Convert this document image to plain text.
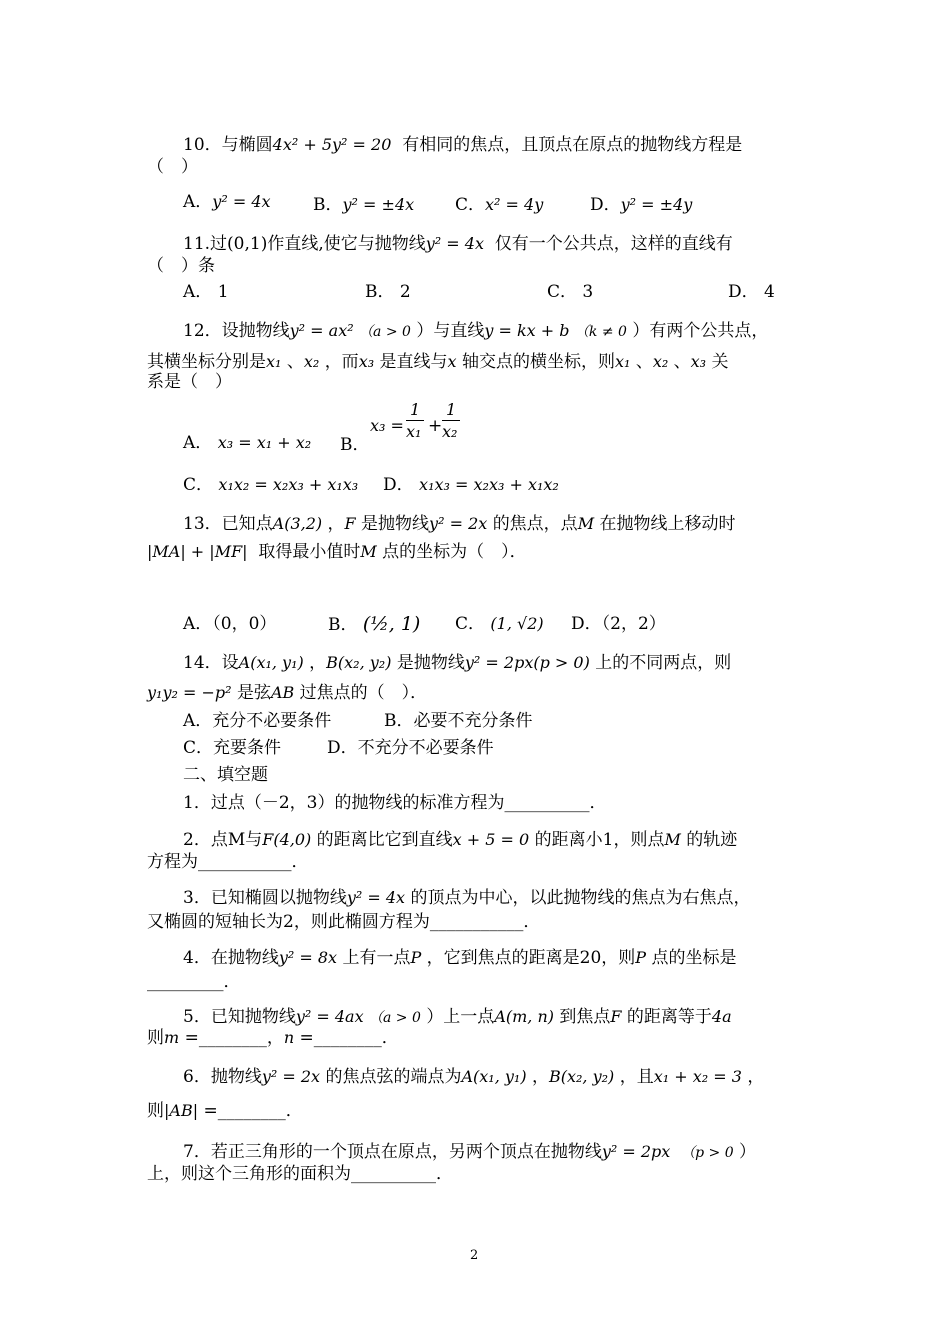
10．与椭圆4x² + 5y² = 20 有相同的焦点，且顶点在原点的抛物线方程是
（　）
A．y² = 4x B．y² = ±4x C．x² = 4y	D．y² = ±4y
11.过(0,1)作直线,使它与抛物线y² = 4x 仅有一个公共点，这样的直线有
（　）条
A． 1	B． 2	C． 3	D． 4
12．设抛物线y² = ax² （a > 0 ）与直线y = kx + b （k ≠ 0 ）有两个公共点，
其横坐标分别是x₁ 、x₂ ，而x₃ 是直线与x 轴交点的横坐标，则x₁ 、x₂ 、x₃ 关
系是（　）
A． x₃ = x₁ + x₂ B．
x₃ =
1
x₁ +
1
x₂
C． x₁x₂ = x₂x₃ + x₁x₃ D． x₁x₃ = x₂x₃ + x₁x₂
13．已知点A(3,2) ，F 是抛物线y² = 2x 的焦点，点M 在抛物线上移动时
|MA| + |MF| 取得最小值时M 点的坐标为（　）．
A．（0，0）	B． (½, 1) C． (1, √2) D．（2，2）
14．设A(x₁, y₁) ，B(x₂, y₂) 是抛物线y² = 2px(p > 0) 上的不同两点，则
y₁y₂ = −p² 是弦AB 过焦点的（　）．
A．充分不必要条件	B．必要不充分条件
C．充要条件	D．不充分不必要条件
二、填空题
1．过点（－2，3）的抛物线的标准方程为__________．
2．点M与F(4,0) 的距离比它到直线x + 5 = 0 的距离小1，则点M 的轨迹
方程为___________．
3．已知椭圆以抛物线y² = 4x 的顶点为中心，以此抛物线的焦点为右焦点，
又椭圆的短轴长为2，则此椭圆方程为___________．
4．在抛物线y² = 8x 上有一点P ，它到焦点的距离是20，则P 点的坐标是
_________．
5．已知抛物线y² = 4ax （a > 0 ）上一点A(m, n) 到焦点F 的距离等于4a
则m =________，n =________．
6．抛物线y² = 2x 的焦点弦的端点为A(x₁, y₁) ，B(x₂, y₂) ，且x₁ + x₂ = 3 ，
则|AB| =________．
7．若正三角形的一个顶点在原点，另两个顶点在抛物线y² = 2px （p > 0 ）
上，则这个三角形的面积为__________．
2
